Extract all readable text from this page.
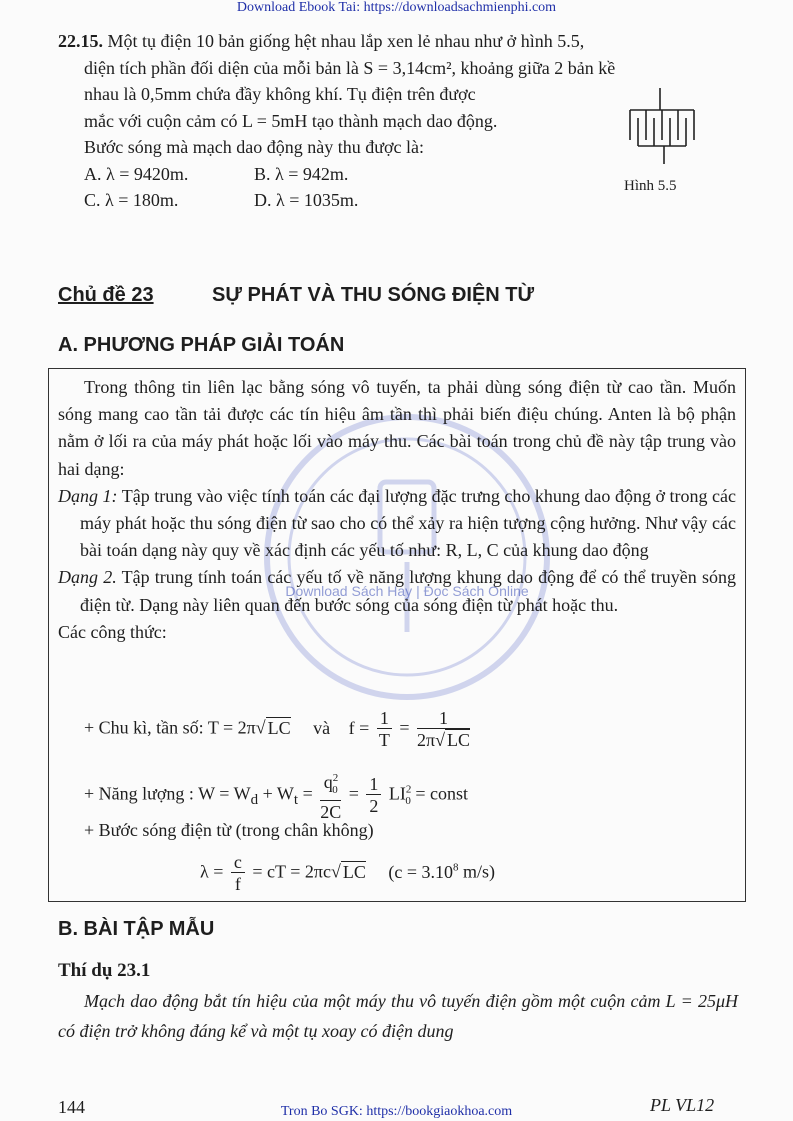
Download Ebook Tai: https://downloadsachmienphi.com
22.15. Một tụ điện 10 bản giống hệt nhau lắp xen lẻ nhau như ở hình 5.5,
diện tích phần đối diện của mỗi bản là S = 3,14cm², khoảng giữa 2 bản kề
nhau là 0,5mm chứa đầy không khí. Tụ điện trên được
mắc với cuộn cảm có L = 5mH tạo thành mạch dao động.
Bước sóng mà mạch dao động này thu được là:
A. λ = 9420m.	B. λ = 942m.
C. λ = 180m.	D. λ = 1035m.
Hình 5.5
Chủ đề 23	SỰ PHÁT VÀ THU SÓNG ĐIỆN TỪ
A. PHƯƠNG PHÁP GIẢI TOÁN
Download Sách Hay | Đọc Sách Online

Trong thông tin liên lạc bằng sóng vô tuyến, ta phải dùng sóng điện từ cao tần. Muốn sóng mang cao tần tải được các tín hiệu âm tần thì phải biến điệu chúng. Anten là bộ phận nằm ở lối ra của máy phát hoặc lối vào máy thu. Các bài toán trong chủ đề này tập trung vào hai dạng:

Dạng 1: Tập trung vào việc tính toán các đại lượng đặc trưng cho khung dao động ở trong các máy phát hoặc thu sóng điện từ sao cho có thể xảy ra hiện tượng cộng hưởng. Như vậy các bài toán dạng này quy về xác định các yếu tố như: R, L, C của khung dao động

Dạng 2. Tập trung tính toán các yếu tố về năng lượng khung dao động để có thể truyền sóng điện từ. Dạng này liên quan đến bước sóng của sóng điện từ phát hoặc thu.

Các công thức:

+ Chu kì, tần số: T = 2π√ LC và $f = \frac{1}{T} = \frac{1}{2\pi√ LC}$
+ Năng lượng : $W = W_d + W_t = \frac{q^2_0}{2C} = \frac{1}{2} LI^2_0$ = const
+ Bước sóng điện từ (trong chân không)
$\lambda = \frac{c}{f}$ = cT = 2πc√ LC ($c = 3.10^8$ m/s)
B. BÀI TẬP MẪU
Thí dụ 23.1

Mạch dao động bắt tín hiệu của một máy thu vô tuyến điện gồm một cuộn cảm L = 25μH có điện trở không đáng kể và một tụ xoay có điện dung

144	PL VL12
Tron Bo SGK: https://bookgiaokhoa.com
